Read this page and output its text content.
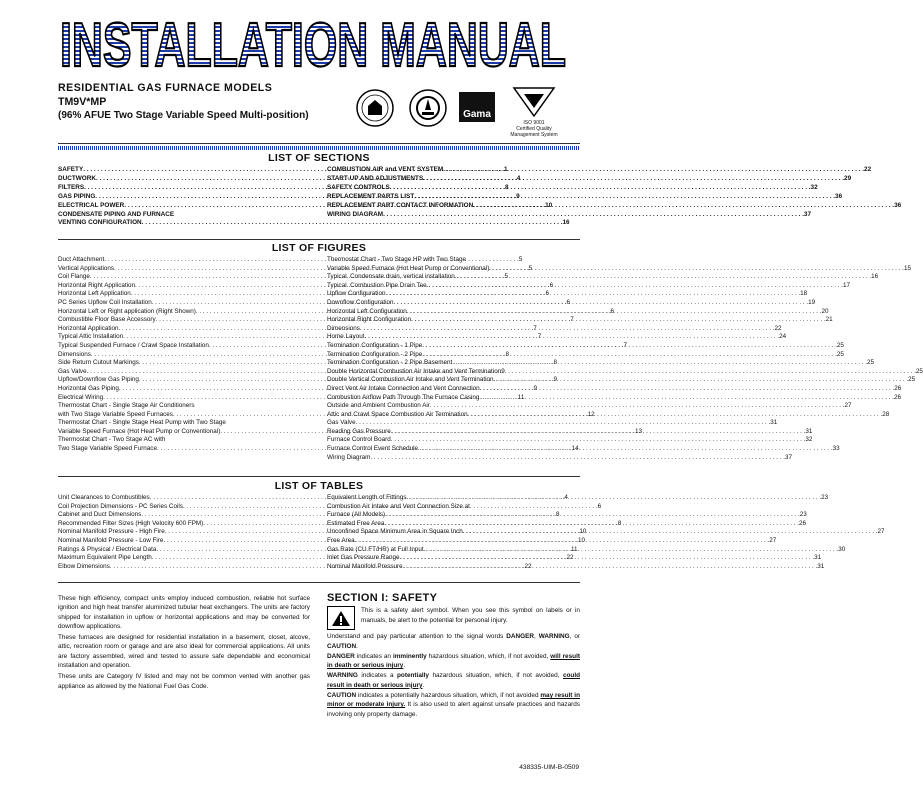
INSTALLATION MANUAL
RESIDENTIAL GAS FURNACE MODELS
TM9V*MP
(96% AFUE Two Stage Variable Speed Multi-position)	Gama
ISO 9001
Certified Quality
Management System
LIST OF SECTIONS
SAFETY . . .	1
DUCTWORK . . .	4
FILTERS . . .	8
GAS PIPING . . .	9
ELECTRICAL POWER . . .	10
CONDENSATE PIPING AND FURNACE
VENTING CONFIGURATION . . .	16
COMBUSTION AIR and VENT SYSTEM . . .	22
START-UP AND ADJUSTMENTS . . .	29
SAFETY CONTROLS . . .	32
REPLACEMENT PARTS LIST . . .	36
REPLACEMENT PART CONTACT INFORMATION . . .	36
WIRING DIAGRAM . . .	37
LIST OF FIGURES
Duct Attachment . . .	5
Vertical Applications . . .	5
Coil Flange . . .	5
Horizontal Right Application . . .	6
Horizontal Left Application . . .	6
PC Series Upflow Coil Installation . . .	6
Horizontal Left or Right application (Right Shown) . . .	6
Combustible Floor Base Accessory . . .	7
Horizontal Application . . .	7
Typical Attic Installation . . .	7
Typical Suspended Furnace / Crawl Space Installation . . .	7
Dimensions . . .	8
Side Return Cutout Markings . . .	8
Gas Valve . . .	9
Upflow/Downflow Gas Piping . . .	9
Horizontal Gas Piping . . .	9
Electrical Wiring . . .	11
Thermostat Chart - Single Stage Air Conditioners
with Two Stage Variable Speed Furnaces . . .	12
Thermostat Chart - Single Stage Heat Pump with Two Stage
Variable Speed Furnace (Hot Heat Pump or Conventional) . . .	13
Thermostat Chart - Two Stage AC with
Two Stage Variable Speed Furnace . . .	14
Thermostat Chart - Two Stage HP with Two Stage
Variable Speed Furnace (Hot Heat Pump or Conventional) . . .	15
Typical. Condensate drain, vertical installation. . . .	16
Typical. Combustion Pipe Drain Tee. . . .	17
Upflow Configuration . . .	18
Downflow Configuration . . .	19
Horizontal Left Configuration . . .	20
Horizontal Right Configuration . . .	21
Dimensions . . .	22
Home Layout . . .	24
Termination Configuration - 1 Pipe . . .	25
Termination Configuration - 2 Pipe . . .	25
Termination Configuration - 2 Pipe Basement . . .	25
Double Horizontal Combustion Air Intake and Vent Termination . . .	25
Double Vertical Combustion Air Intake and Vent Termination . . .	25
Direct Vent Air Intake Connection and Vent Connection . . .	26
Combustion Airflow Path Through The Furnace Casing . . .	26
Outside and Ambient Combustion Air . . .	27
Attic and Crawl Space Combustion Air Termination . . .	28
Gas Valve . . .	31
Reading Gas Pressure . . .	31
Furnace Control Board . . .	32
Furnace Control Event Schedule . . .	33
Wiring Diagram . . .	37
LIST OF TABLES
Unit Clearances to Combustibles . . .	4
Coil Projection Dimensions - PC Series Coils . . .	6
Cabinet and Duct Dimensions . . .	8
Recommended Filter Sizes (High Velocity 600 FPM) . . .	8
Nominal Manifold Pressure - High Fire . . .	10
Nominal Manifold Pressure - Low Fire . . .	10
Ratings & Physical / Electrical Data . . .	11
Maximum Equivalent Pipe Length . . .	22
Elbow Dimensions . . .	22
Equivalent Length of Fittings . . .	23
Combustion Air Intake and Vent Connection Size at
Furnace (All Models) . . .	23
Estimated Free Area . . .	26
Unconfined Space Minimum Area in Square Inch . . .	27
Free Area . . .	27
Gas Rate (CU FT/HR) at Full Input . . .	30
Inlet Gas Pressure Range . . .	31
Nominal Manifold Pressure . . .	31

These high efficiency, compact units employ induced combustion, reliable hot surface ignition and high heat transfer aluminized tubular heat exchangers. The units are factory shipped for installation in upflow or horizontal applications and may be converted for downflow applications.

These furnaces are designed for residential installation in a basement, closet, alcove, attic, recreation room or garage and are also ideal for commercial applications. All units are factory assembled, wired and tested to assure safe dependable and economical installation and operation.

These units are Category IV listed and may not be common vented with another gas appliance as allowed by the National Fuel Gas Code.

SECTION I: SAFETY

This is a safety alert symbol. When you see this symbol on labels or in manuals, be alert to the potential for personal injury.

Understand and pay particular attention to the signal words DANGER, WARNING, or CAUTION.

DANGER indicates an imminently hazardous situation, which, if not avoided, will result in death or serious injury.

WARNING indicates a potentially hazardous situation, which, if not avoided, could result in death or serious injury.

CAUTION indicates a potentially hazardous situation, which, if not avoided may result in minor or moderate injury. It is also used to alert against unsafe practices and hazards involving only property damage.

438335-UIM-B-0509
